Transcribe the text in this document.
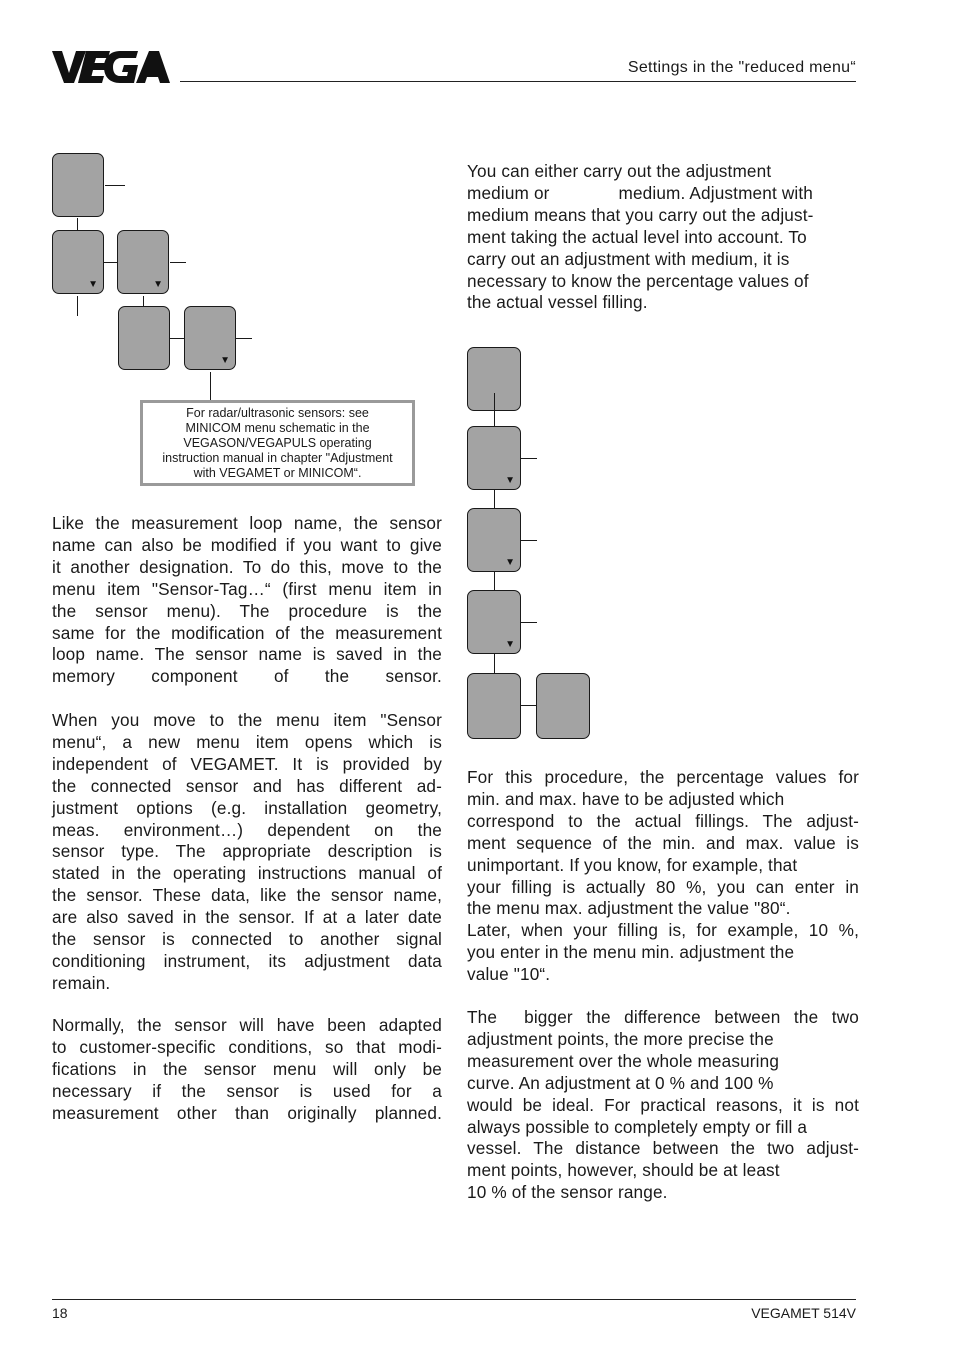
Settings in the "reduced menu“
▼	▼
▼
For radar/ultrasonic sensors: see
MINICOM menu schematic in the
VEGASON/VEGAPULS operating
instruction manual in chapter "Adjustment
with VEGAMET or MINICOM“.
Like the measurement loop name, the sensor
name can also be modified if you want to give
it another designation. To do this, move to the
menu item "Sensor-Tag…“ (first menu item in
the sensor menu). The procedure is the
same for the modification of the measurement
loop name. The sensor name is saved in the
memory component of the sensor.
When you move to the menu item "Sensor
menu“, a new menu item opens which is
independent of VEGAMET. It is provided by
the connected sensor and has different ad-
justment options (e.g. installation geometry,
meas. environment…) dependent on the
sensor type. The appropriate description is
stated in the operating instructions manual of
the sensor. These data, like the sensor name,
are also saved in the sensor. If at a later date
the sensor is connected to another signal
conditioning instrument, its adjustment data
remain.
Normally, the sensor will have been adapted
to customer-specific conditions, so that modi-
fications in the sensor menu will only be
necessary if the sensor is used for a
measurement other than originally planned.
You can either carry out the adjustment
medium or              medium. Adjustment with
medium means that you carry out the adjust-
ment taking the actual level into account. To
carry out an adjustment with medium, it is
necessary to know the percentage values of
the actual vessel filling.
▼
▼
▼
For this procedure, the percentage values for
min. and max. have to be adjusted which
correspond to the actual fillings. The adjust-
ment sequence of the min. and max. value is
unimportant. If you know, for example, that
your filling is actually 80 %, you can enter in
the menu max. adjustment the value "80“.
Later, when your filling is, for example, 10 %,
you enter in the menu min. adjustment the
value "10“.
The  bigger the difference between the two
adjustment points, the more precise the
measurement over the whole measuring
curve. An adjustment at 0 % and 100 %
would be ideal. For practical reasons, it is not
always possible to completely empty or fill a
vessel. The distance between the two adjust-
ment points, however, should be at least
10 % of the sensor range.
18	VEGAMET 514V
